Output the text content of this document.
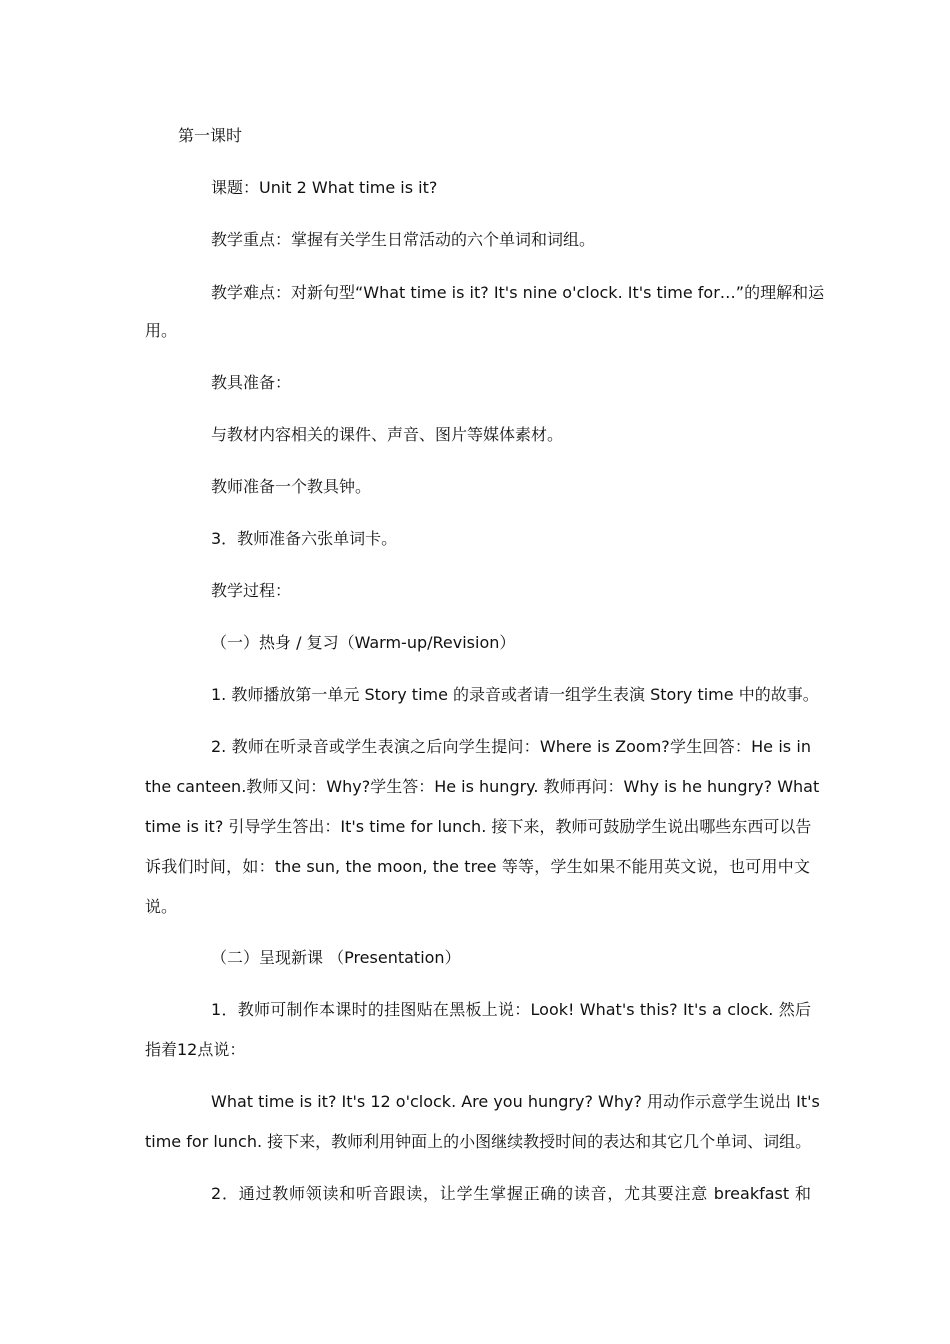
第一课时
课题：Unit 2 What time is it?
教学重点：掌握有关学生日常活动的六个单词和词组。
教学难点：对新句型“What time is it? It's nine o'clock. It's time for…”的理解和运
用。
教具准备：
与教材内容相关的课件、声音、图片等媒体素材。
教师准备一个教具钟。
3．教师准备六张单词卡。
教学过程：
（一）热身 / 复习（Warm-up/Revision）
1. 教师播放第一单元 Story time 的录音或者请一组学生表演 Story time 中的故事。
2. 教师在听录音或学生表演之后向学生提问：Where is Zoom?学生回答：He is in
the canteen.教师又问：Why?学生答：He is hungry. 教师再问：Why is he hungry? What
time is it? 引导学生答出：It's time for lunch. 接下来，教师可鼓励学生说出哪些东西可以告
诉我们时间，如：the sun, the moon, the tree 等等，学生如果不能用英文说，也可用中文
说。
（二）呈现新课 （Presentation）
1．教师可制作本课时的挂图贴在黑板上说：Look! What's this? It's a clock. 然后
指着12点说：
What time is it? It's 12 o'clock. Are you hungry? Why? 用动作示意学生说出 It's
time for lunch. 接下来，教师利用钟面上的小图继续教授时间的表达和其它几个单词、词组。
2．通过教师领读和听音跟读，让学生掌握正确的读音，尤其要注意 breakfast 和
